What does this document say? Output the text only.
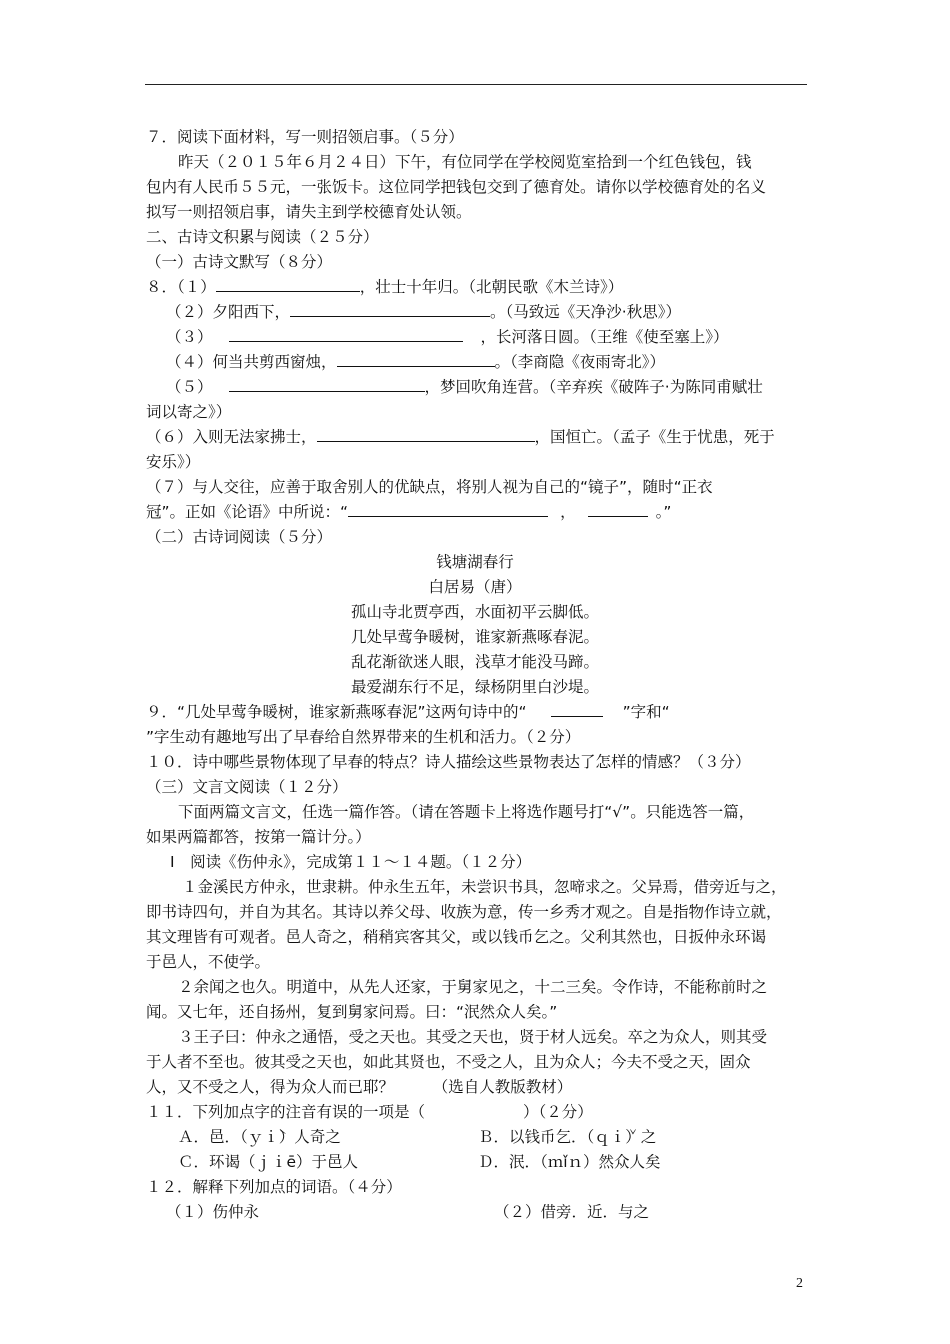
７．阅读下面材料，写一则招领启事。（５分）
昨天（２０１５年６月２４日）下午，有位同学在学校阅览室拾到一个红色钱包，钱
包内有人民币５５元，一张饭卡。这位同学把钱包交到了德育处。请你以学校德育处的名义
拟写一则招领启事，请失主到学校德育处认领。
二、古诗文积累与阅读（２５分）
（一）古诗文默写（８分）
８．（１）	，壮士十年归。（北朝民歌《木兰诗》）
（２）夕阳西下，	。（马致远《天净沙·秋思》）
（３）	，长河落日圆。（王维《使至塞上》）
（４）何当共剪西窗烛，	。（李商隐《夜雨寄北》）
（５）	，梦回吹角连营。（辛弃疾《破阵子·为陈同甫赋壮
词以寄之》）
（６）入则无法家拂士，	，国恒亡。（孟子《生于忧患，死于
安乐》）
（７）与人交往，应善于取舍别人的优缺点，将别人视为自己的“镜子”，随时“正衣
冠”。正如《论语》中所说：“	，	。”
（二）古诗词阅读（５分）
钱塘湖春行
白居易（唐）
孤山寺北贾亭西，水面初平云脚低。
几处早莺争暖树，谁家新燕啄春泥。
乱花渐欲迷人眼，浅草才能没马蹄。
最爱湖东行不足，绿杨阴里白沙堤。
９．“几处早莺争暖树，谁家新燕啄春泥”这两句诗中的“	”字和“
”字生动有趣地写出了早春给自然界带来的生机和活力。（２分）
１０．诗中哪些景物体现了早春的特点？诗人描绘这些景物表达了怎样的情感？（３分）
（三）文言文阅读（１２分）
下面两篇文言文，任选一篇作答。（请在答题卡上将选作题号打“√”。只能选答一篇，
如果两篇都答，按第一篇计分。）
Ⅰ　阅读《伤仲永》，完成第１１～１４题。（１２分）
１金溪民方仲永，世隶耕。仲永生五年，未尝识书具，忽啼求之。父异焉，借旁近与之，
即书诗四句，并自为其名。其诗以养父母、收族为意，传一乡秀才观之。自是指物作诗立就，
其文理皆有可观者。邑人奇之，稍稍宾客其父，或以钱币乞之。父利其然也，日扳仲永环谒
于邑人，不使学。
２余闻之也久。明道中，从先人还家，于舅家见之，十二三矣。令作诗，不能称前时之
闻。又七年，还自扬州，复到舅家问焉。曰：“泯然众人矣。”
３王子曰：仲永之通悟，受之天也。其受之天也，贤于材人远矣。卒之为众人，则其受
于人者不至也。彼其受之天也，如此其贤也，不受之人，且为众人；今夫不受之天，固众
人，又不受之人，得为众人而已耶？　　　（选自人教版教材）
１１．下列加点字的注音有误的一项是（	）（２分）
Ａ．邑．（ｙｉ̀）人奇之	Ｂ．以钱币乞．（ｑｉ̌）之
Ｃ．环谒（ｊｉē）于邑人	Ｄ．泯．（ｍǐｎ）然众人矣
１２．解释下列加点的词语。（４分）
（１）伤仲永	（２）借旁．近．与之
2
